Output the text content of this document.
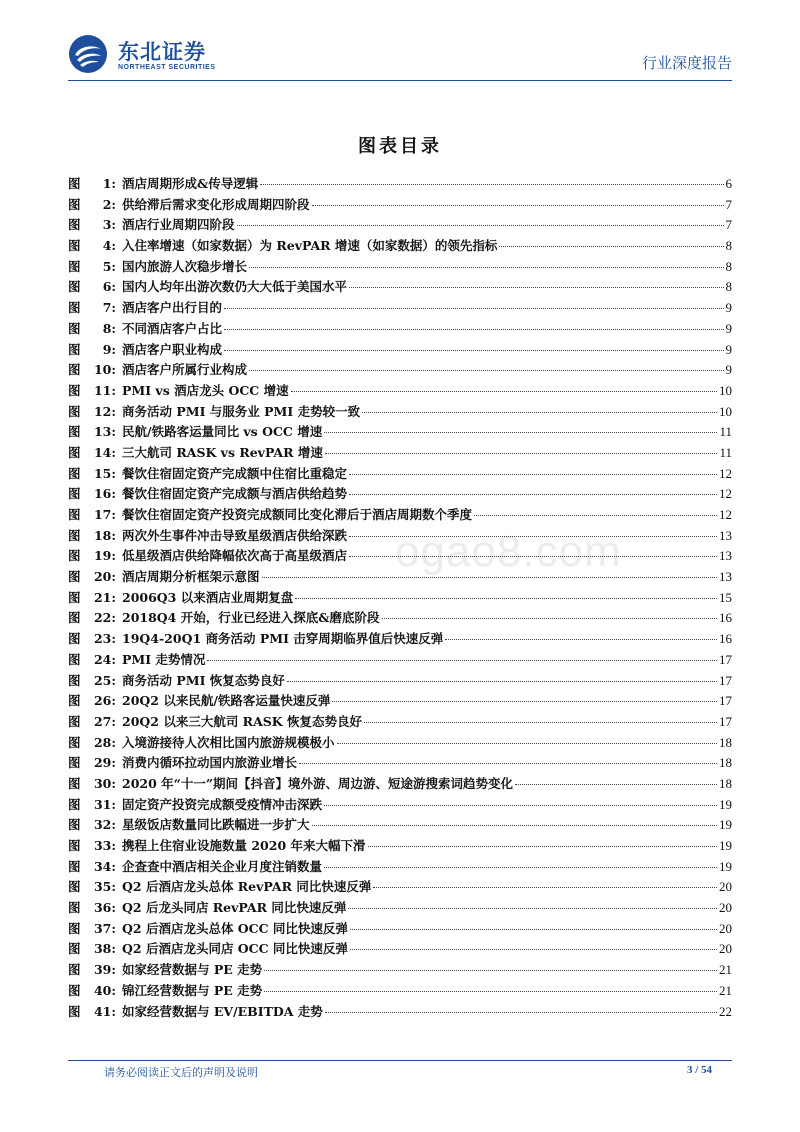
东北证券
NORTHEAST SECURITIES	行业深度报告
图表目录
图	1: 酒店周期形成&传导逻辑	6
图	2: 供给滞后需求变化形成周期四阶段	7
图	3: 酒店行业周期四阶段	7
图	4: 入住率增速（如家数据）为 RevPAR 增速（如家数据）的领先指标	8
图	5: 国内旅游人次稳步增长	8
图	6: 国内人均年出游次数仍大大低于美国水平	8
图	7: 酒店客户出行目的	9
图	8: 不同酒店客户占比	9
图	9: 酒店客户职业构成	9
图	10: 酒店客户所属行业构成	9
图	11: PMI vs 酒店龙头 OCC 增速	10
图	12: 商务活动 PMI 与服务业 PMI 走势较一致	10
图	13: 民航/铁路客运量同比 vs OCC 增速	11
图	14: 三大航司 RASK vs RevPAR 增速	11
图	15: 餐饮住宿固定资产完成额中住宿比重稳定	12
图	16: 餐饮住宿固定资产完成额与酒店供给趋势	12
图	17: 餐饮住宿固定资产投资完成额同比变化滞后于酒店周期数个季度	12
图	18: 两次外生事件冲击导致星级酒店供给深跌	13
图	19: 低星级酒店供给降幅依次高于高星级酒店	13
图	20: 酒店周期分析框架示意图	13
图	21: 2006Q3 以来酒店业周期复盘	15
图	22: 2018Q4 开始，行业已经进入探底&磨底阶段	16
图	23: 19Q4-20Q1 商务活动 PMI 击穿周期临界值后快速反弹	16
图	24: PMI 走势情况	17
图	25: 商务活动 PMI 恢复态势良好	17
图	26: 20Q2 以来民航/铁路客运量快速反弹	17
图	27: 20Q2 以来三大航司 RASK 恢复态势良好	17
图	28: 入境游接待人次相比国内旅游规模极小	18
图	29: 消费内循环拉动国内旅游业增长	18
图	30: 2020 年“十一”期间【抖音】境外游、周边游、短途游搜索词趋势变化	18
图	31: 固定资产投资完成额受疫情冲击深跌	19
图	32: 星级饭店数量同比跌幅进一步扩大	19
图	33: 携程上住宿业设施数量 2020 年来大幅下滑	19
图	34: 企查查中酒店相关企业月度注销数量	19
图	35: Q2 后酒店龙头总体 RevPAR 同比快速反弹	20
图	36: Q2 后龙头同店 RevPAR 同比快速反弹	20
图	37: Q2 后酒店龙头总体 OCC 同比快速反弹	20
图	38: Q2 后酒店龙头同店 OCC 同比快速反弹	20
图	39: 如家经营数据与 PE 走势	21
图	40: 锦江经营数据与 PE 走势	21
图	41: 如家经营数据与 EV/EBITDA 走势	22
ogao8.com
请务必阅读正文后的声明及说明	3 / 54
